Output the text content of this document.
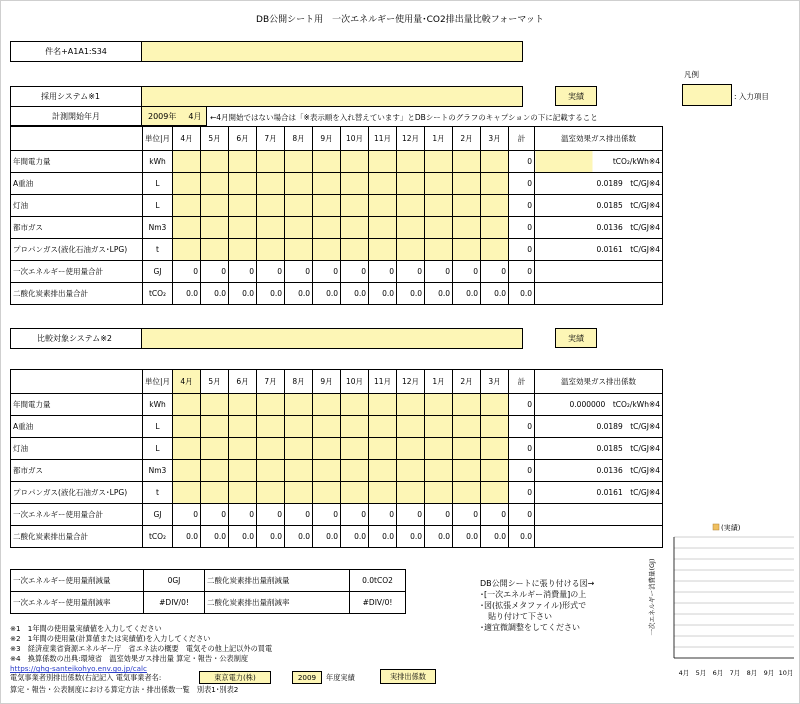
DB公開シート用　一次エネルギー使用量･CO2排出量比較フォーマット
件名+A1A1:S34
凡例
: 入力項目
採用システム※1	実績
計測開始年月	2009年 4月 ←4月開始ではない場合は「※表示順を入れ替えています」とDBシートのグラフのキャプションの下に記載すること
	単位|月	4月	5月	6月	7月	8月	9月	10月	11月	12月	1月	2月	3月	計		温室効果ガス排出係数
年間電力量	kWh													0		tCO₂/kWh※4
A重油	L													0		0.0189　tC/GJ※4
灯油	L													0		0.0185　tC/GJ※4
都市ガス	Nm3													0		0.0136　tC/GJ※4
プロパンガス(液化石油ガス･LPG)	t													0		0.0161　tC/GJ※4
一次エネルギー使用量合計	GJ	0	0	0	0	0	0	0	0	0	0	0	0	0		
二酸化炭素排出量合計	tCO₂	0.0	0.0	0.0	0.0	0.0	0.0	0.0	0.0	0.0	0.0	0.0	0.0	0.0		
比較対象システム※2	実績
	単位|月	4月	5月	6月	7月	8月	9月	10月	11月	12月	1月	2月	3月	計		温室効果ガス排出係数
年間電力量	kWh													0		0.000000　tCO₂/kWh※4
A重油	L													0		0.0189　tC/GJ※4
灯油	L													0		0.0185　tC/GJ※4
都市ガス	Nm3													0		0.0136　tC/GJ※4
プロパンガス(液化石油ガス･LPG)	t													0		0.0161　tC/GJ※4
一次エネルギー使用量合計	GJ	0	0	0	0	0	0	0	0	0	0	0	0	0		
二酸化炭素排出量合計	tCO₂	0.0	0.0	0.0	0.0	0.0	0.0	0.0	0.0	0.0	0.0	0.0	0.0	0.0		
一次エネルギー使用量削減量	0GJ	二酸化炭素排出量削減量	0.0tCO2
一次エネルギー使用量削減率	#DIV/0!	二酸化炭素排出量削減率	#DIV/0!
DB公開シートに張り付ける図→
･[一次エネルギー消費量]の上
･図(拡張メタファイル)形式で
　貼り付けて下さい
･適宜微調整をしてください
※1　1年間の使用量実績値を入力してください
※2　1年間の使用量(計算値または実績値)を入力してください
※3　経済産業省資源エネルギー庁　省エネ法の概要　電気その他上記以外の買電
※4　換算係数の出典:環境省　温室効果ガス排出量 算定・報告・公表制度
https://ghg-santeikohyo.env.go.jp/calc
電気事業者別排出係数(右記記入 電気事業者名:	東京電力(株)	2009	年度実績	実排出係数
算定・報告・公表制度における算定方法・排出係数一覧　別表1･別表2
(実績)
一次エネルギー消費量(GJ)
4月 5月 6月 7月 8月 9月 10月
